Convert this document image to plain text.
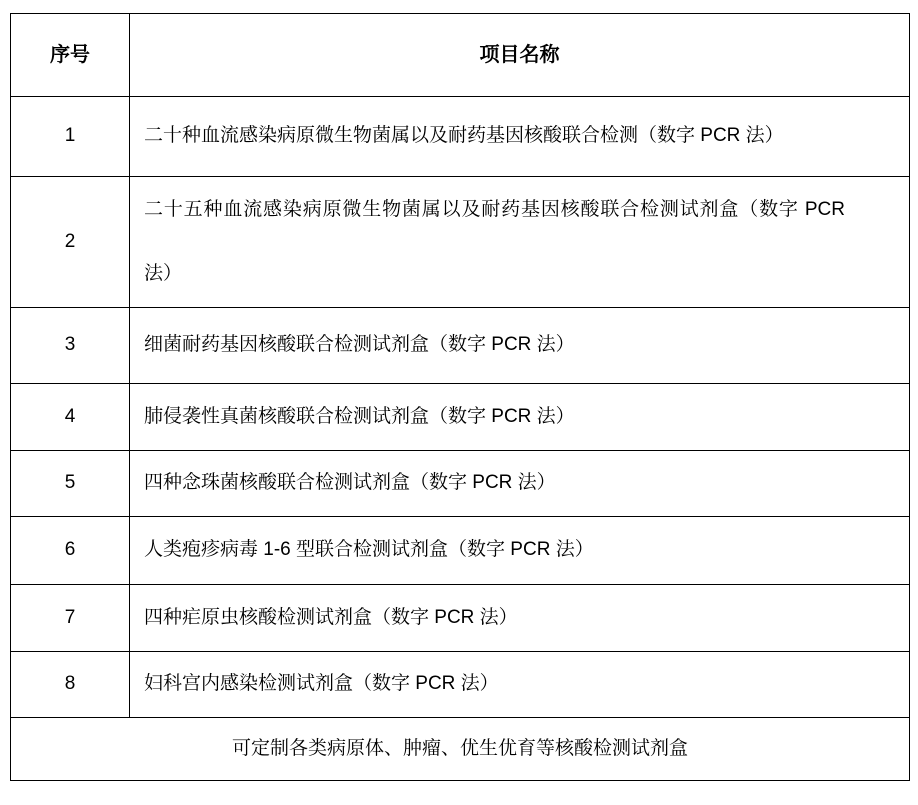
序号	项目名称
1	二十种血流感染病原微生物菌属以及耐药基因核酸联合检测（数字 PCR 法）
2	二十五种血流感染病原微生物菌属以及耐药基因核酸联合检测试剂盒（数字 PCR 法）
3	细菌耐药基因核酸联合检测试剂盒（数字 PCR 法）
4	肺侵袭性真菌核酸联合检测试剂盒（数字 PCR 法）
5	四种念珠菌核酸联合检测试剂盒（数字 PCR 法）
6	人类疱疹病毒 1-6 型联合检测试剂盒（数字 PCR 法）
7	四种疟原虫核酸检测试剂盒（数字 PCR 法）
8	妇科宫内感染检测试剂盒（数字 PCR 法）
可定制各类病原体、肿瘤、优生优育等核酸检测试剂盒	
